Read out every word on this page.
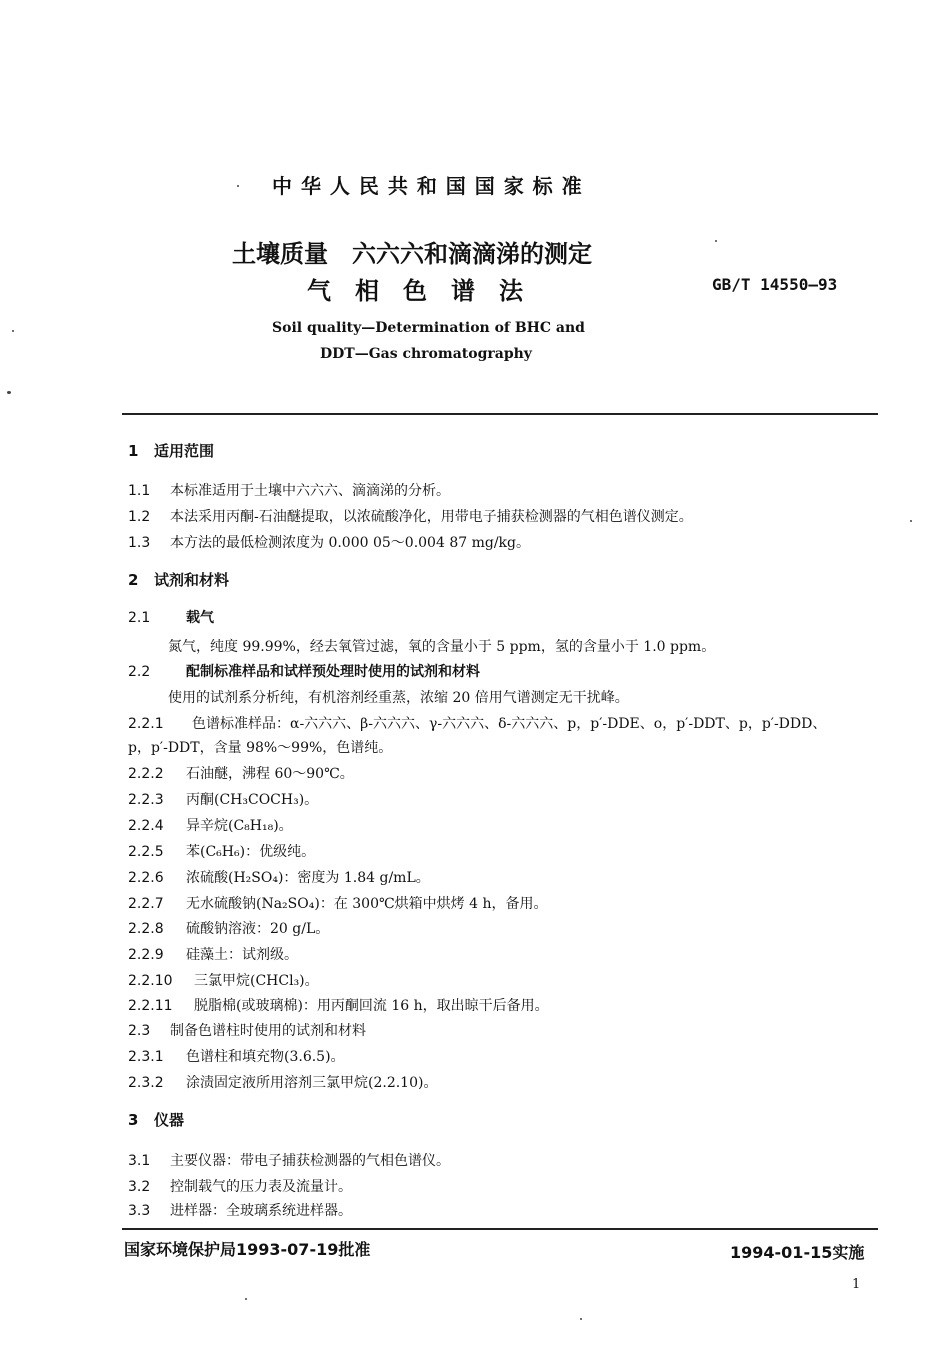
中 华 人 民 共 和 国 国 家 标 准
土壤质量　六六六和滴滴涕的测定
气　相　色　谱　法	GB/T 14550—93
Soil quality—Determination of BHC and
DDT—Gas chromatography
1 适用范围
1.1 本标准适用于土壤中六六六、滴滴涕的分析。
1.2 本法采用丙酮-石油醚提取，以浓硫酸净化，用带电子捕获检测器的气相色谱仪测定。
1.3 本方法的最低检测浓度为 0.000 05～0.004 87 mg/kg。
2 试剂和材料
2.1	载气
氮气，纯度 99.99%，经去氧管过滤，氧的含量小于 5 ppm，氢的含量小于 1.0 ppm。
2.2	配制标准样品和试样预处理时使用的试剂和材料
使用的试剂系分析纯，有机溶剂经重蒸，浓缩 20 倍用气谱测定无干扰峰。
2.2.1 色谱标准样品：α-六六六、β-六六六、γ-六六六、δ-六六六、p，p′-DDE、o，p′-DDT、p，p′-DDD、
p，p′-DDT，含量 98%～99%，色谱纯。
2.2.2 石油醚，沸程 60～90℃。
2.2.3 丙酮(CH₃COCH₃)。
2.2.4 异辛烷(C₈H₁₈)。
2.2.5 苯(C₆H₆)：优级纯。
2.2.6 浓硫酸(H₂SO₄)：密度为 1.84 g/mL。
2.2.7 无水硫酸钠(Na₂SO₄)：在 300℃烘箱中烘烤 4 h，备用。
2.2.8 硫酸钠溶液：20 g/L。
2.2.9 硅藻土：试剂级。
2.2.10 三氯甲烷(CHCl₃)。
2.2.11 脱脂棉(或玻璃棉)：用丙酮回流 16 h，取出晾干后备用。
2.3 制备色谱柱时使用的试剂和材料
2.3.1 色谱柱和填充物(3.6.5)。
2.3.2 涂渍固定液所用溶剂三氯甲烷(2.2.10)。
3 仪器
3.1 主要仪器：带电子捕获检测器的气相色谱仪。
3.2 控制载气的压力表及流量计。
3.3 进样器：全玻璃系统进样器。
国家环境保护局1993-07-19批准	1994-01-15实施
1
